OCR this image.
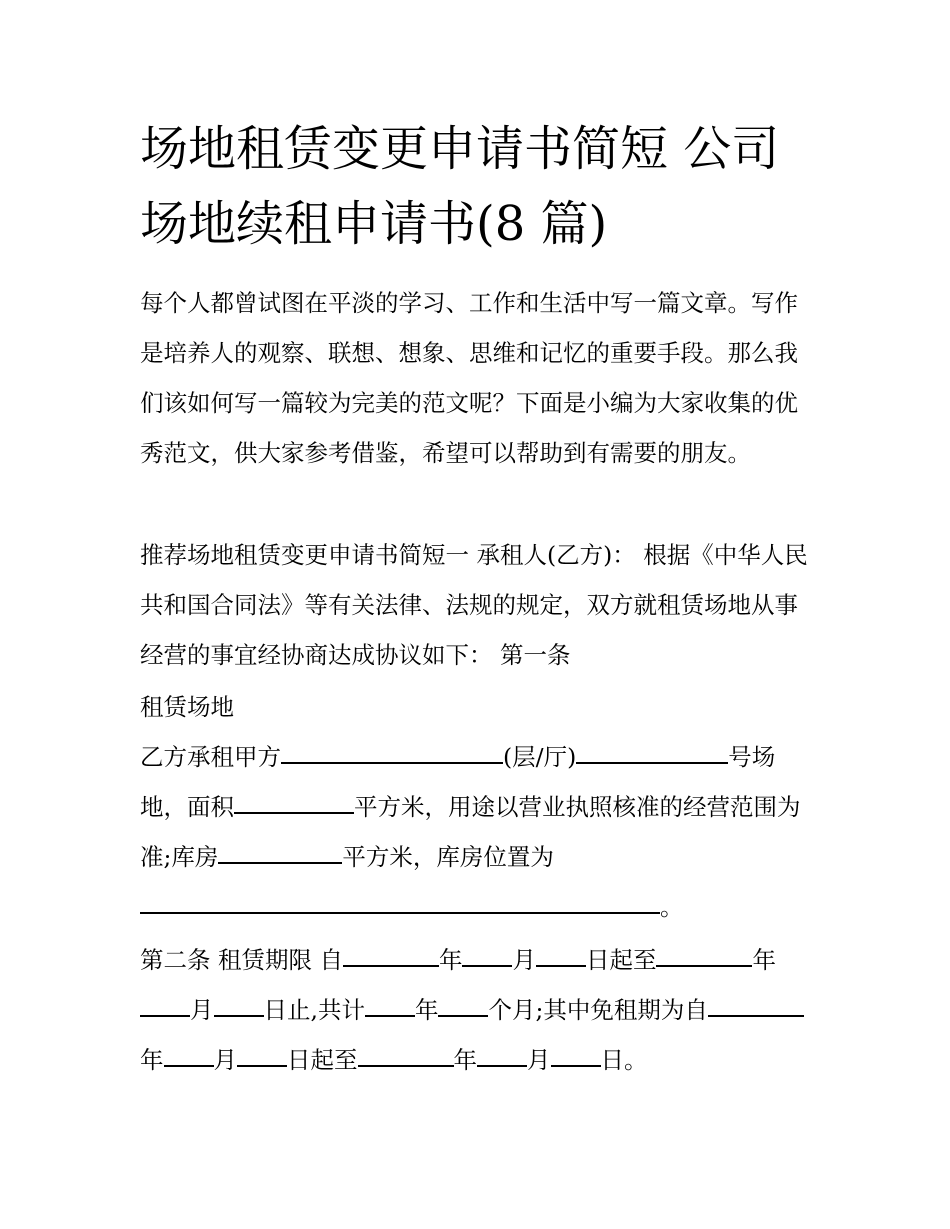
场地租赁变更申请书简短 公司场地续租申请书(8 篇)

每个人都曾试图在平淡的学习、工作和生活中写一篇文章。写作是培养人的观察、联想、想象、思维和记忆的重要手段。那么我们该如何写一篇较为完美的范文呢？下面是小编为大家收集的优秀范文，供大家参考借鉴，希望可以帮助到有需要的朋友。

推荐场地租赁变更申请书简短一 承租人(乙方)： 根据《中华人民共和国合同法》等有关法律、法规的规定，双方就租赁场地从事经营的事宜经协商达成协议如下： 第一条

租赁场地

乙方承租甲方	(层/厅)	号场地，面积	平方米，用途以营业执照核准的经营范围为准;库房	平方米，库房位置为
。

第二条 租赁期限 自	年 月 日起至	年月 日止,共计 年 个月;其中免租期为自年 月 日起至	年 月 日。
